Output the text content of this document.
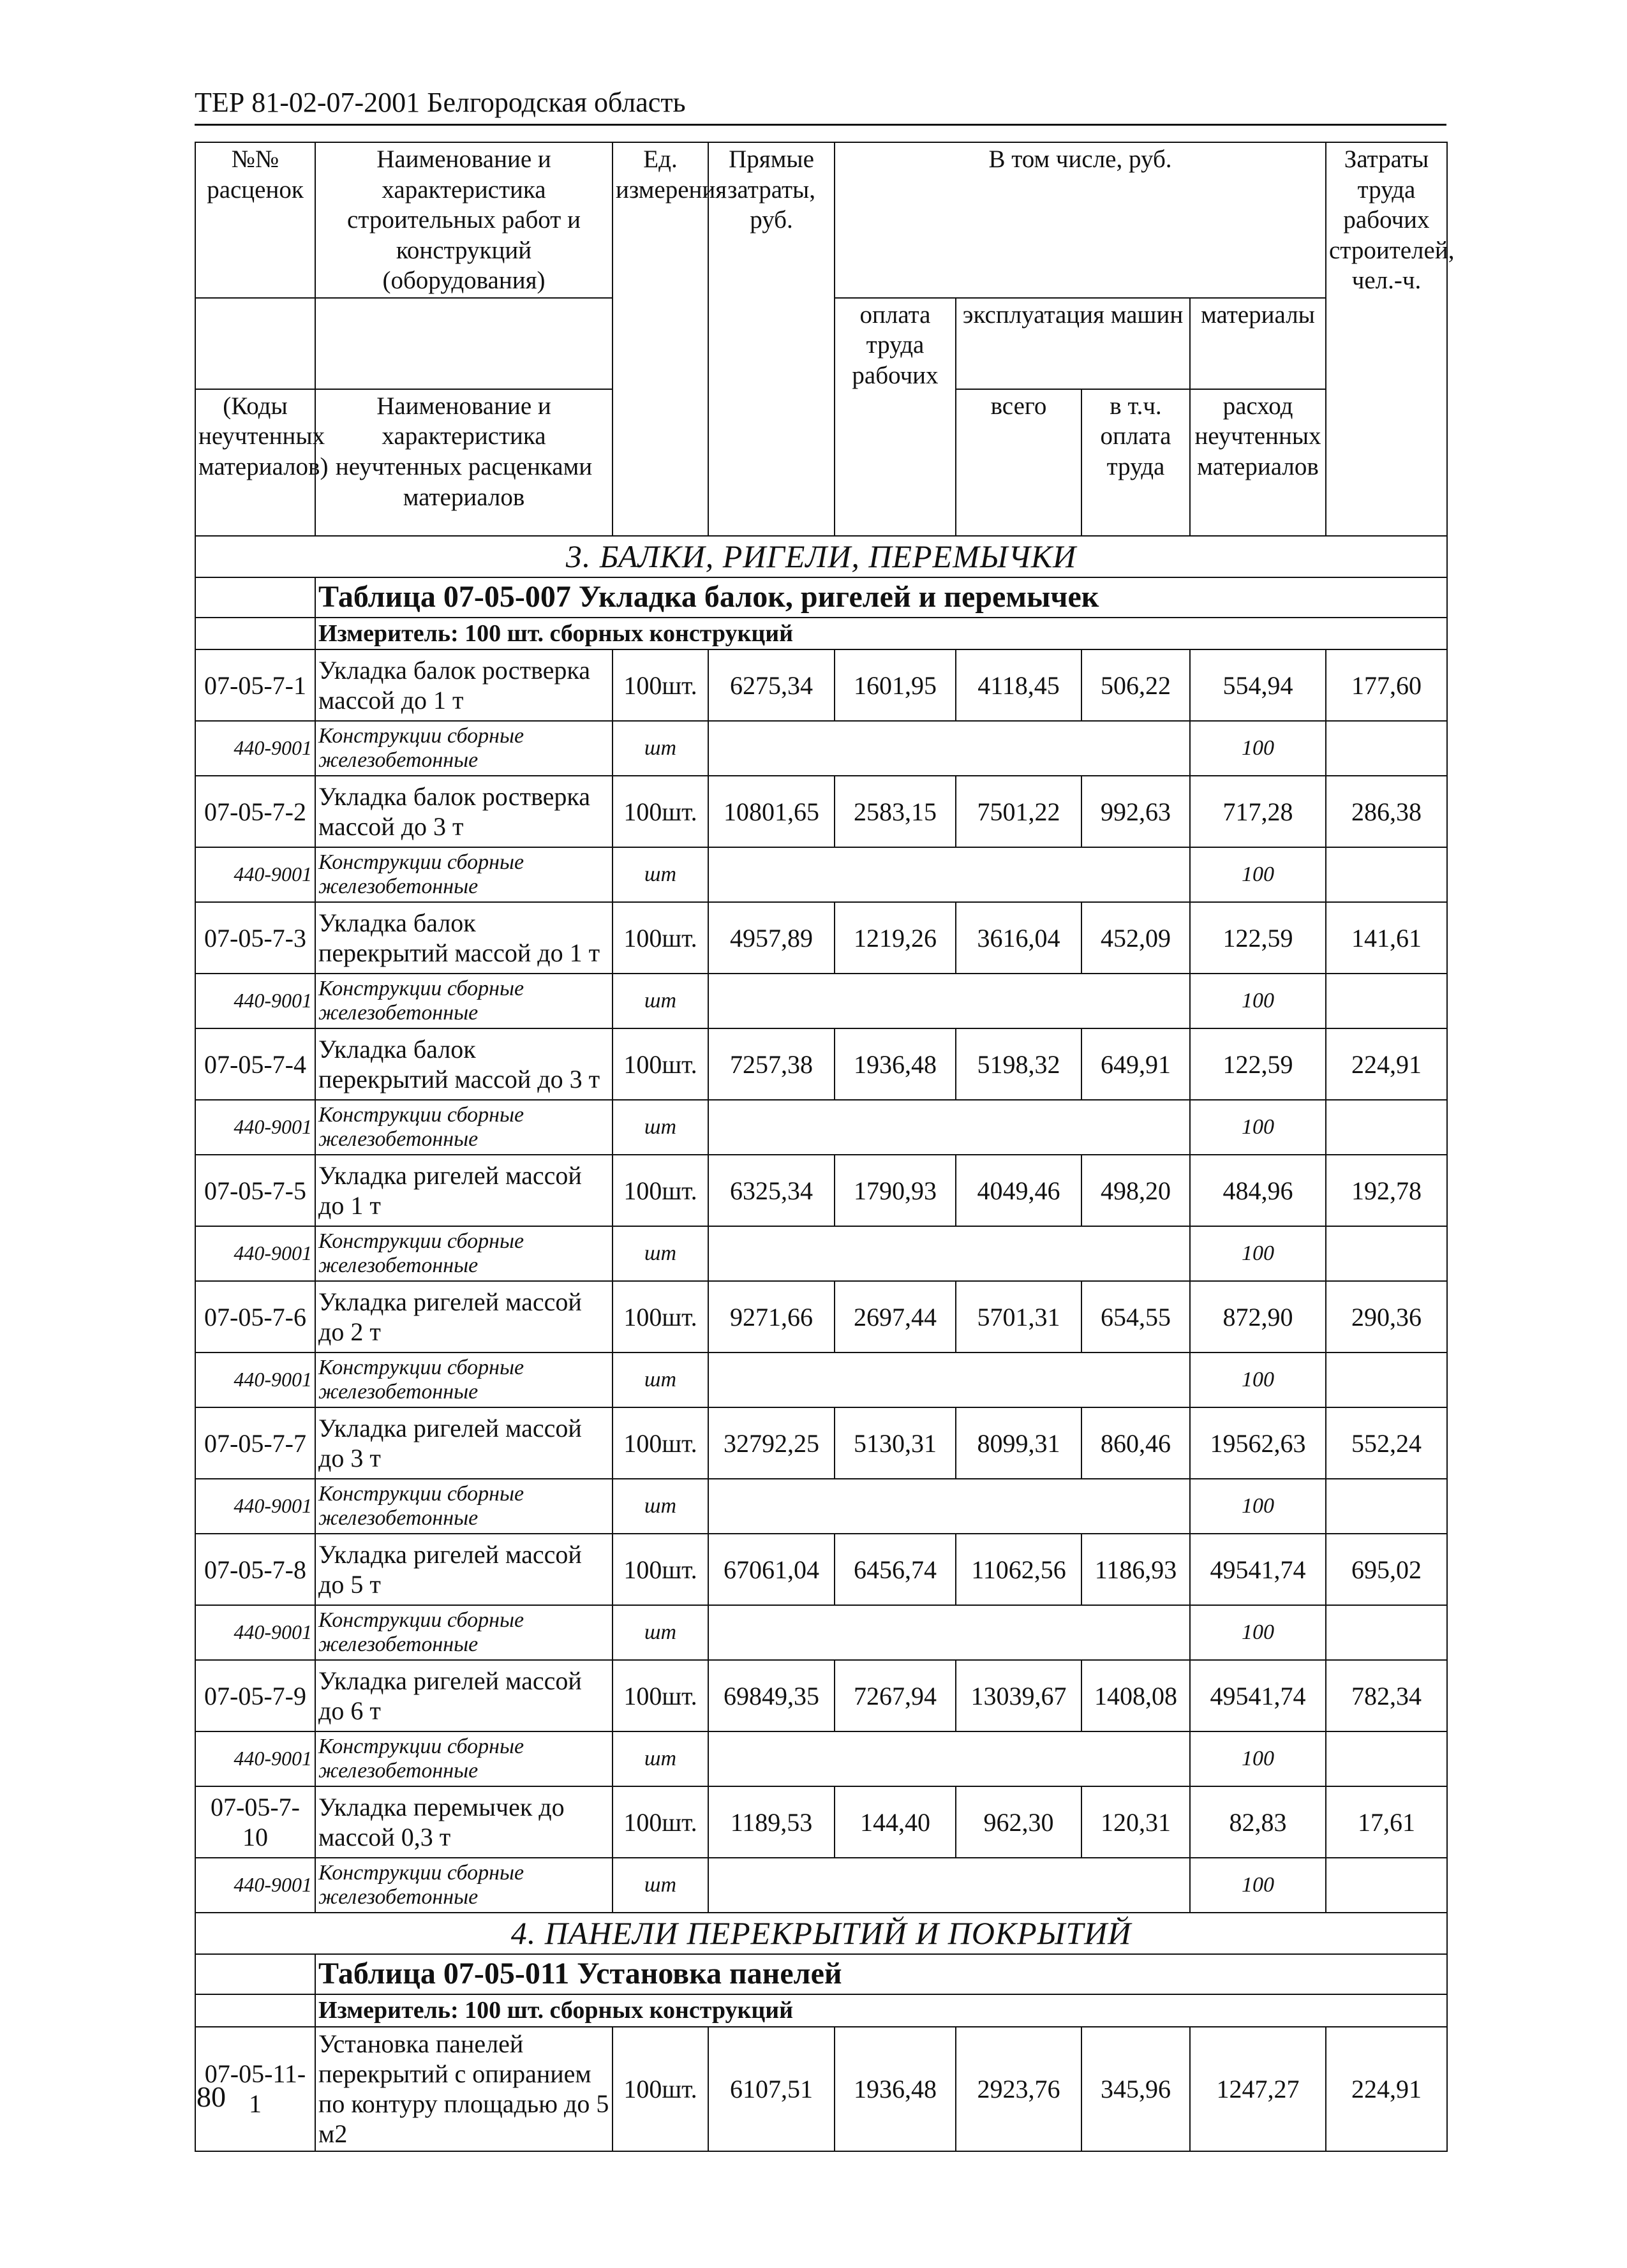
ТЕР 81-02-07-2001 Белгородская область
№№ расценок	Наименование и характеристика строительных работ и конструкций (оборудования)	Ед. измерения	Прямые затраты, руб.	В том числе, руб.				Затраты труда рабочих строителей, чел.-ч.
				оплата труда рабочих	эксплуатация машин		материалы	
(Коды неучтенных материалов)	Наименование и характеристика неучтенных расценками материалов				всего	в т.ч. оплата труда	расход неучтенных материалов	
3. БАЛКИ, РИГЕЛИ, ПЕРЕМЫЧКИ								
	Таблица 07-05-007 Укладка балок, ригелей и перемычек							
	Измеритель: 100 шт. сборных конструкций							
07-05-7-1	Укладка балок ростверка массой до 1 т	100шт.	6275,34	1601,95	4118,45	506,22	554,94	177,60
440-9001	Конструкции сборные железобетонные	шт					100	
07-05-7-2	Укладка балок ростверка массой до 3 т	100шт.	10801,65	2583,15	7501,22	992,63	717,28	286,38
440-9001	Конструкции сборные железобетонные	шт					100	
07-05-7-3	Укладка балок перекрытий массой до 1 т	100шт.	4957,89	1219,26	3616,04	452,09	122,59	141,61
440-9001	Конструкции сборные железобетонные	шт					100	
07-05-7-4	Укладка балок перекрытий массой до 3 т	100шт.	7257,38	1936,48	5198,32	649,91	122,59	224,91
440-9001	Конструкции сборные железобетонные	шт					100	
07-05-7-5	Укладка ригелей массой до 1 т	100шт.	6325,34	1790,93	4049,46	498,20	484,96	192,78
440-9001	Конструкции сборные железобетонные	шт					100	
07-05-7-6	Укладка ригелей массой до 2 т	100шт.	9271,66	2697,44	5701,31	654,55	872,90	290,36
440-9001	Конструкции сборные железобетонные	шт					100	
07-05-7-7	Укладка ригелей массой до 3 т	100шт.	32792,25	5130,31	8099,31	860,46	19562,63	552,24
440-9001	Конструкции сборные железобетонные	шт					100	
07-05-7-8	Укладка ригелей массой до 5 т	100шт.	67061,04	6456,74	11062,56	1186,93	49541,74	695,02
440-9001	Конструкции сборные железобетонные	шт					100	
07-05-7-9	Укладка ригелей массой до 6 т	100шт.	69849,35	7267,94	13039,67	1408,08	49541,74	782,34
440-9001	Конструкции сборные железобетонные	шт					100	
07-05-7-10	Укладка перемычек до массой 0,3 т	100шт.	1189,53	144,40	962,30	120,31	82,83	17,61
440-9001	Конструкции сборные железобетонные	шт					100	
4. ПАНЕЛИ ПЕРЕКРЫТИЙ И ПОКРЫТИЙ								
	Таблица 07-05-011 Установка панелей							
	Измеритель: 100 шт. сборных конструкций							
07-05-11-1	Установка панелей перекрытий с опиранием по контуру площадью до 5 м2	100шт.	6107,51	1936,48	2923,76	345,96	1247,27	224,91
80
